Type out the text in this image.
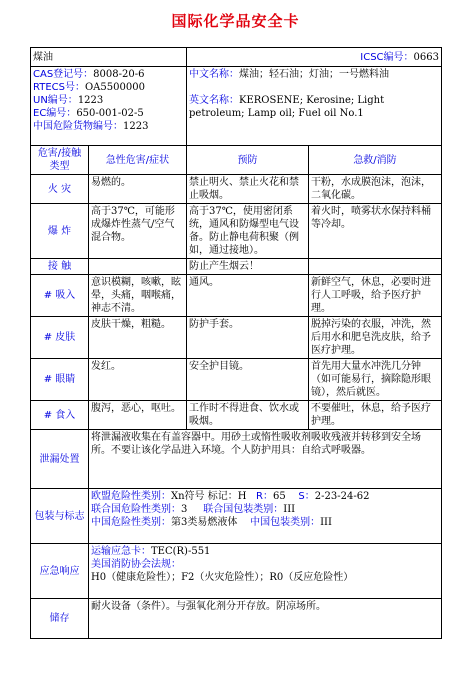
国际化学品安全卡
煤油		ICSC编号：0663	

CAS登记号：8008-20-6
RTECS号：OA5500000
UN编号：1223
EC编号：650-001-02-5
中国危险货物编号：1223		中文名称：煤油；轻石油；灯油；一号燃料油
英文名称：KEROSENE; Kerosine; Light petroleum; Lamp oil; Fuel oil No.1	

危害/接触类型	急性危害/症状	预防	急救/消防
火 灾	易燃的。	禁止明火、禁止火花和禁止吸烟。	干粉，水成膜泡沫，泡沫，二氧化碳。
爆 炸	高于37℃，可能形成爆炸性蒸气/空气混合物。	高于37℃，使用密闭系统，通风和防爆型电气设备。防止静电荷积聚（例如，通过接地）。	着火时，喷雾状水保持料桶等冷却。
接 触		防止产生烟云！	
# 吸入	意识模糊，咳嗽，眩晕，头痛，咽喉痛，神志不清。	通风。	新鲜空气，休息，必要时进行人工呼吸，给予医疗护理。
# 皮肤	皮肤干燥，粗糙。	防护手套。	脱掉污染的衣服，冲洗，然后用水和肥皂洗皮肤，给予医疗护理。
# 眼睛	发红。	安全护目镜。	首先用大量水冲洗几分钟（如可能易行，摘除隐形眼镜），然后就医。
# 食入	腹泻，恶心，呕吐。	工作时不得进食、饮水或吸烟。	不要催吐，休息，给予医疗护理。
泄漏处置	将泄漏液收集在有盖容器中。用砂土或惰性吸收剂吸收残液并转移到安全场所。不要让该化学品进入环境。个人防护用具：自给式呼吸器。		
包装与标志	欧盟危险性类别：Xn符号 标记：H R：65 S：2-23-24-62
联合国危险性类别：3 联合国包装类别：III
中国危险性类别：第3类易燃液体 中国包装类别：III		

应急响应	运输应急卡：TEC(R)-551
美国消防协会法规：H0（健康危险性）；F2（火灾危险性）；R0（反应危险性）		

储存	耐火设备（条件）。与强氧化剂分开存放。阴凉场所。		
